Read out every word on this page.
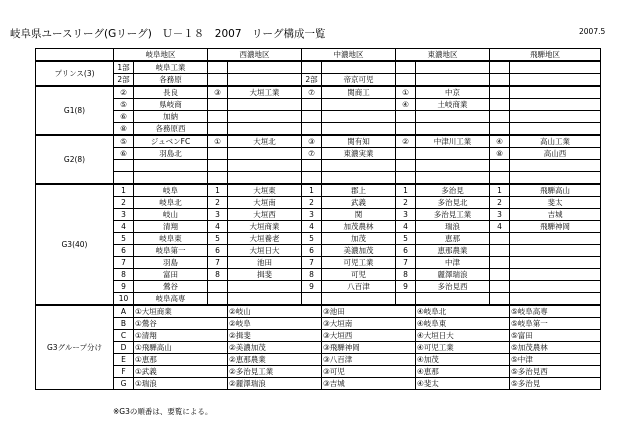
岐阜県ユースリーグ(Gリーグ)　Ｕ－１８　2007　リーグ構成一覧	2007.5
	岐阜地区		西濃地区		中濃地区		東濃地区		飛騨地区		
プリンス(3)	1部	岐阜工業									
	2部	各務原			2部	帝京可児					
G1(8)	②	長良	③	大垣工業	⑦	関商工	①	中京			
	⑤	県岐商					④	土岐商業			
	⑥	加納									
	⑧	各務原西									
G2(8)	⑤	ジュベンFC	①	大垣北	③	関有知	②	中津川工業	④	高山工業	
	⑥	羽島北			⑦	東濃実業			⑧	高山西	

G3(40)	1	岐阜	1	大垣東	1	郡上	1	多治見	1	飛騨高山	
	2	岐阜北	2	大垣南	2	武義	2	多治見北	2	斐太	
	3	岐山	3	大垣西	3	関	3	多治見工業	3	吉城	
	4	清翔	4	大垣商業	4	加茂農林	4	瑞浪	4	飛騨神岡	
	5	岐阜東	5	大垣養老	5	加茂	5	恵那			
	6	岐阜第一	6	大垣日大	6	美濃加茂	6	恵那農業			
	7	羽島	7	池田	7	可児工業	7	中津			
	8	富田	8	揖斐	8	可児	8	麗澤瑞浪			
	9	鶯谷			9	八百津	9	多治見西			
	10	岐阜高専									
G3グループ分け	A	①大垣商業		②岐山		③池田		④岐阜北		⑤岐阜高専	
	B	①鶯谷		②岐阜		③大垣南		④岐阜東		⑤岐阜第一	
	C	①清翔		②揖斐		③大垣西		④大垣日大		⑤富田	
	D	①飛騨高山		②美濃加茂		③飛騨神岡		④可児工業		⑤加茂農林	
	E	①恵那		②恵那農業		③八百津		④加茂		⑤中津	
	F	①武義		②多治見工業		③可児		④恵那		⑤多治見西	
	G	①瑞浪		②麗澤瑞浪		③吉城		④斐太		⑤多治見	
※G3の順番は、要覧による。
